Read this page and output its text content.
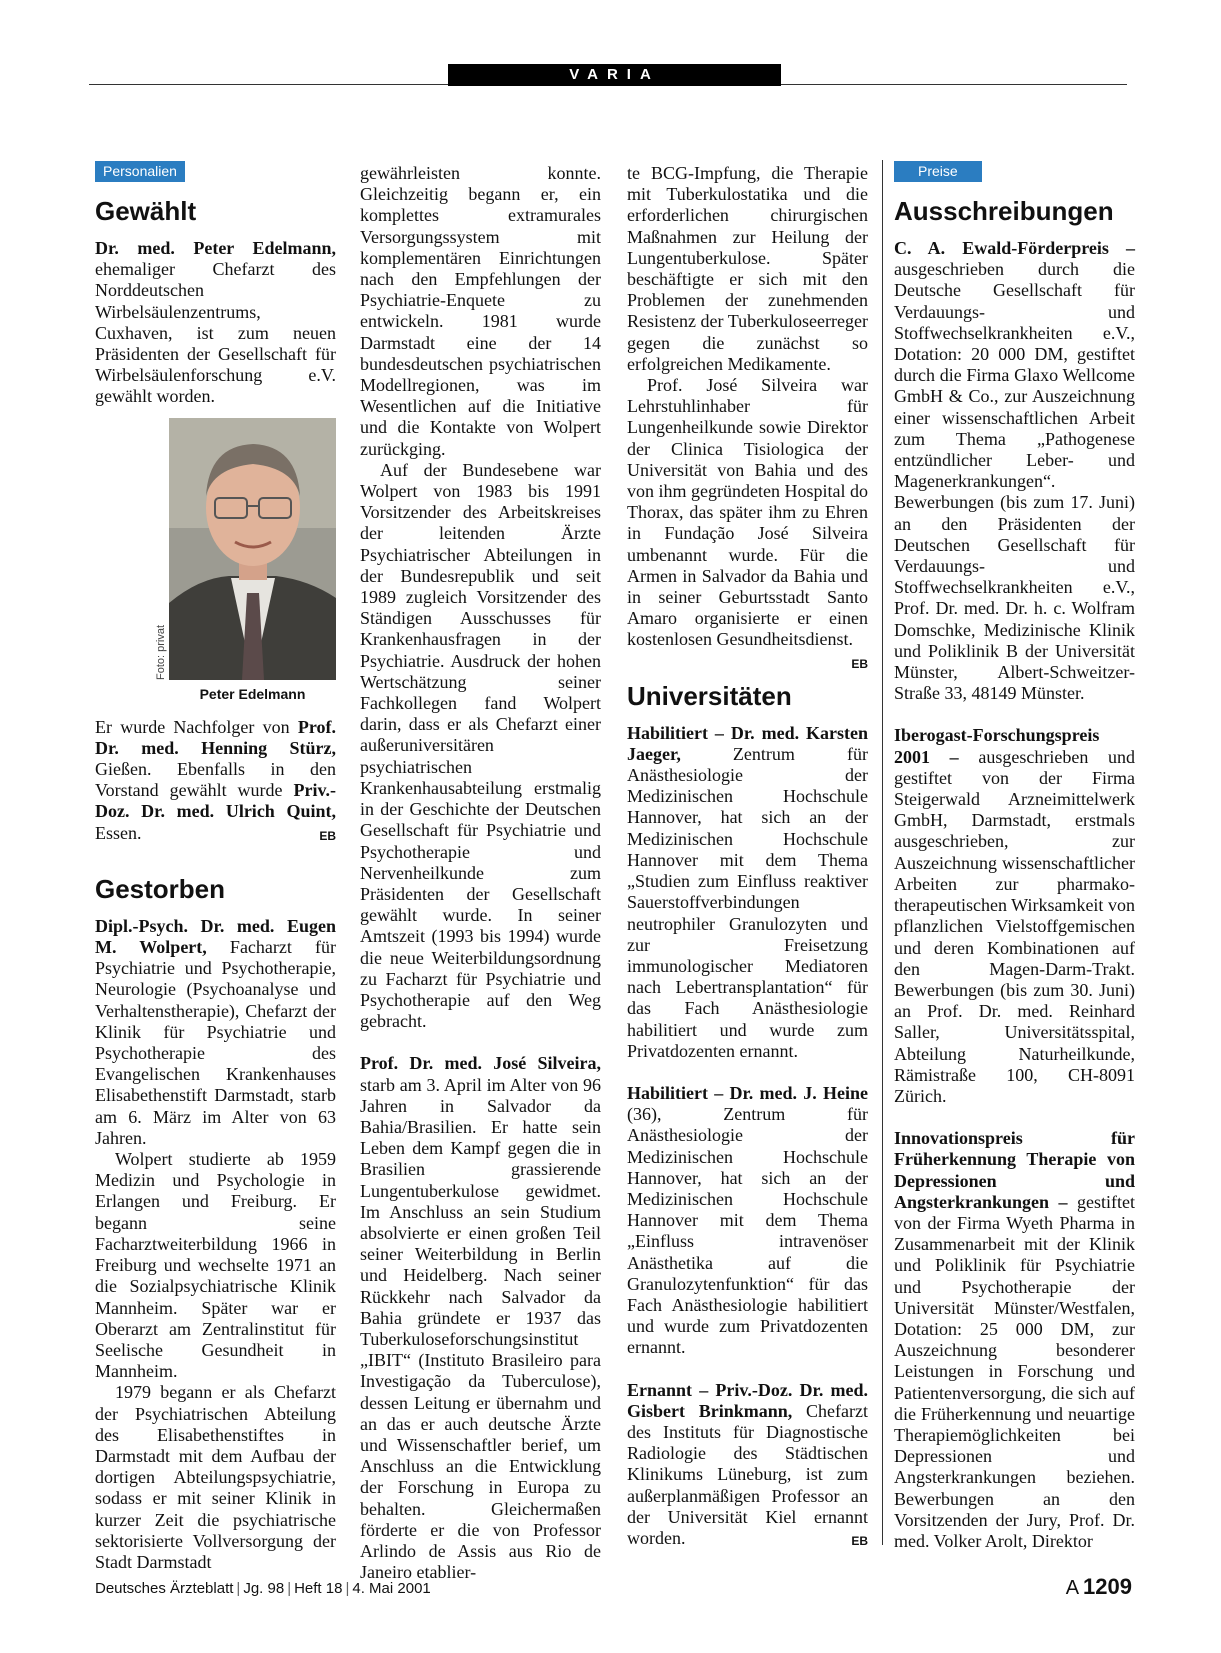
VARIA
Personalien
Gewählt

Dr. med. Peter Edelmann, ehemaliger Chefarzt des Norddeutschen Wirbelsäulenzentrums, Cuxhaven, ist zum neuen Präsidenten der Gesellschaft für Wirbelsäulenforschung e.V. gewählt worden.

Foto: privat
Peter Edelmann

Er wurde Nachfolger von Prof. Dr. med. Henning Stürz, Gießen. Ebenfalls in den Vorstand gewählt wurde Priv.-Doz. Dr. med. Ulrich Quint, Essen.	EB

Gestorben

Dipl.-Psych. Dr. med. Eugen M. Wolpert, Facharzt für Psychiatrie und Psychotherapie, Neurologie (Psychoanalyse und Verhaltenstherapie), Chefarzt der Klinik für Psychiatrie und Psychotherapie des Evangelischen Krankenhauses Elisabethenstift Darmstadt, starb am 6. März im Alter von 63 Jahren.

Wolpert studierte ab 1959 Medizin und Psychologie in Erlangen und Freiburg. Er begann seine Facharztweiterbildung 1966 in Freiburg und wechselte 1971 an die Sozialpsychiatrische Klinik Mannheim. Später war er Oberarzt am Zentralinstitut für Seelische Gesundheit in Mannheim.

1979 begann er als Chefarzt der Psychiatrischen Abteilung des Elisabethenstiftes in Darmstadt mit dem Aufbau der dortigen Abteilungspsychiatrie, sodass er mit seiner Klinik in kurzer Zeit die psychiatrische sektorisierte Vollversorgung der Stadt Darmstadt

gewährleisten konnte. Gleichzeitig begann er, ein komplettes extramurales Versorgungssystem mit komplementären Einrichtungen nach den Empfehlungen der Psychiatrie-Enquete zu entwickeln. 1981 wurde Darmstadt eine der 14 bundesdeutschen psychiatrischen Modellregionen, was im Wesentlichen auf die Initiative und die Kontakte von Wolpert zurückging.

Auf der Bundesebene war Wolpert von 1983 bis 1991 Vorsitzender des Arbeitskreises der leitenden Ärzte Psychiatrischer Abteilungen in der Bundesrepublik und seit 1989 zugleich Vorsitzender des Ständigen Ausschusses für Krankenhausfragen in der Psychiatrie. Ausdruck der hohen Wertschätzung seiner Fachkollegen fand Wolpert darin, dass er als Chefarzt einer außeruniversitären psychiatrischen Krankenhausabteilung erstmalig in der Geschichte der Deutschen Gesellschaft für Psychiatrie und Psychotherapie und Nervenheilkunde zum Präsidenten der Gesellschaft gewählt wurde. In seiner Amtszeit (1993 bis 1994) wurde die neue Weiterbildungsordnung zu Facharzt für Psychiatrie und Psychotherapie auf den Weg gebracht.

Prof. Dr. med. José Silveira, starb am 3. April im Alter von 96 Jahren in Salvador da Bahia/Brasilien. Er hatte sein Leben dem Kampf gegen die in Brasilien grassierende Lungentuberkulose gewidmet. Im Anschluss an sein Studium absolvierte er einen großen Teil seiner Weiterbildung in Berlin und Heidelberg. Nach seiner Rückkehr nach Salvador da Bahia gründete er 1937 das Tuberkuloseforschungsinstitut „IBIT“ (Instituto Brasileiro para Investigação da Tuberculose), dessen Leitung er übernahm und an das er auch deutsche Ärzte und Wissenschaftler berief, um Anschluss an die Entwicklung der Forschung in Europa zu behalten. Gleichermaßen förderte er die von Professor Arlindo de Assis aus Rio de Janeiro etablier-

te BCG-Impfung, die Therapie mit Tuberkulostatika und die erforderlichen chirurgischen Maßnahmen zur Heilung der Lungentuberkulose. Später beschäftigte er sich mit den Problemen der zunehmenden Resistenz der Tuberkuloseerreger gegen die zunächst so erfolgreichen Medikamente.

Prof. José Silveira war Lehrstuhlinhaber für Lungenheilkunde sowie Direktor der Clinica Tisiologica der Universität von Bahia und des von ihm gegründeten Hospital do Thorax, das später ihm zu Ehren in Fundação José Silveira umbenannt wurde. Für die Armen in Salvador da Bahia und in seiner Geburtsstadt Santo Amaro organisierte er einen kostenlosen Gesundheitsdienst.
EB

Universitäten

Habilitiert – Dr. med. Karsten Jaeger, Zentrum für Anästhesiologie der Medizinischen Hochschule Hannover, hat sich an der Medizinischen Hochschule Hannover mit dem Thema „Studien zum Einfluss reaktiver Sauerstoffverbindungen neutrophiler Granulozyten und zur Freisetzung immunologischer Mediatoren nach Lebertransplantation“ für das Fach Anästhesiologie habilitiert und wurde zum Privatdozenten ernannt.

Habilitiert – Dr. med. J. Heine (36), Zentrum für Anästhesiologie der Medizinischen Hochschule Hannover, hat sich an der Medizinischen Hochschule Hannover mit dem Thema „Einfluss intravenöser Anästhetika auf die Granulozytenfunktion“ für das Fach Anästhesiologie habilitiert und wurde zum Privatdozenten ernannt.

Ernannt – Priv.-Doz. Dr. med. Gisbert Brinkmann, Chefarzt des Instituts für Diagnostische Radiologie des Städtischen Klinikums Lüneburg, ist zum außerplanmäßigen Professor an der Universität Kiel ernannt worden.	EB

Preise
Ausschreibungen

C. A. Ewald-Förderpreis – ausgeschrieben durch die Deutsche Gesellschaft für Verdauungs- und Stoffwechselkrankheiten e.V., Dotation: 20 000 DM, gestiftet durch die Firma Glaxo Wellcome GmbH & Co., zur Auszeichnung einer wissenschaftlichen Arbeit zum Thema „Pathogenese entzündlicher Leber- und Magenerkrankungen“. Bewerbungen (bis zum 17. Juni) an den Präsidenten der Deutschen Gesellschaft für Verdauungs- und Stoffwechselkrankheiten e.V., Prof. Dr. med. Dr. h. c. Wolfram Domschke, Medizinische Klinik und Poliklinik B der Universität Münster, Albert-Schweitzer-Straße 33, 48149 Münster.

Iberogast-Forschungspreis 2001 – ausgeschrieben und gestiftet von der Firma Steigerwald Arzneimittelwerk GmbH, Darmstadt, erstmals ausgeschrieben, zur Auszeichnung wissenschaftlicher Arbeiten zur pharmako-therapeutischen Wirksamkeit von pflanzlichen Vielstoffgemischen und deren Kombinationen auf den Magen-Darm-Trakt. Bewerbungen (bis zum 30. Juni) an Prof. Dr. med. Reinhard Saller, Universitätsspital, Abteilung Naturheilkunde, Rämistraße 100, CH-8091 Zürich.

Innovationspreis für Früherkennung Therapie von Depressionen und Angsterkrankungen – gestiftet von der Firma Wyeth Pharma in Zusammenarbeit mit der Klinik und Poliklinik für Psychiatrie und Psychotherapie der Universität Münster/Westfalen, Dotation: 25 000 DM, zur Auszeichnung besonderer Leistungen in Forschung und Patientenversorgung, die sich auf die Früherkennung und neuartige Therapiemöglichkeiten bei Depressionen und Angsterkrankungen beziehen. Bewerbungen an den Vorsitzenden der Jury, Prof. Dr. med. Volker Arolt, Direktor

Deutsches Ärzteblatt | Jg. 98 | Heft 18 | 4. Mai 2001	A  1209
